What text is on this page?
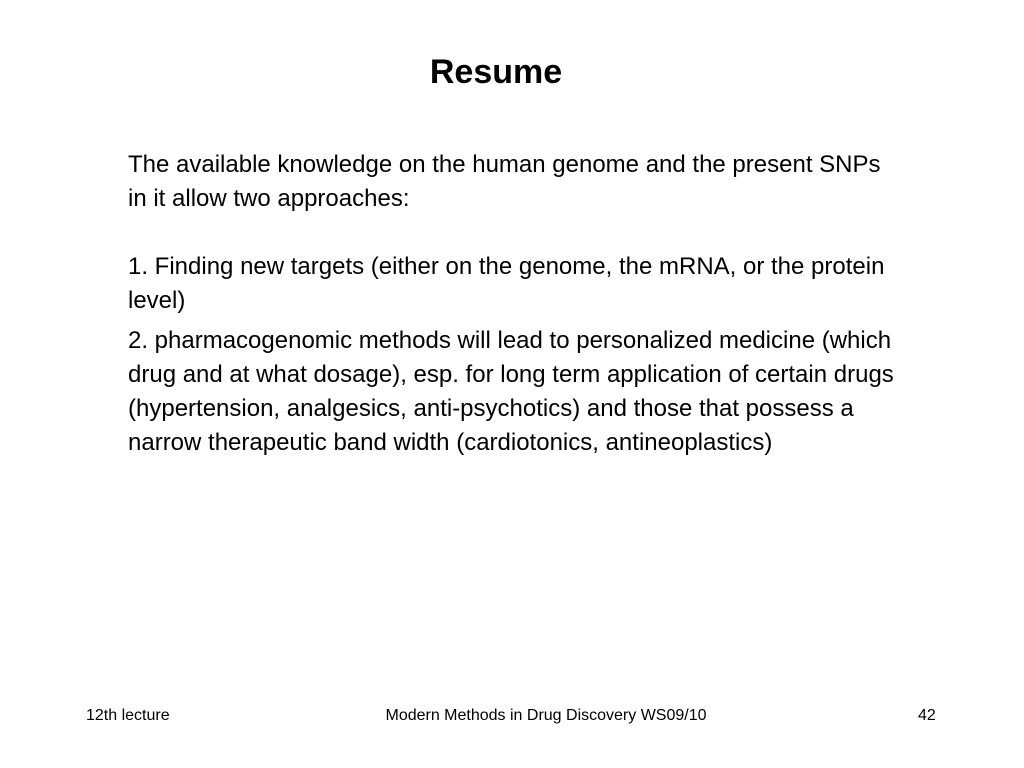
Resume

The available knowledge on the human genome and the present SNPs in it allow two approaches:

1. Finding new targets (either on the genome, the mRNA, or the protein level)

2. pharmacogenomic methods will lead to personalized medicine (which drug and at what dosage), esp. for long term application of certain drugs (hypertension, analgesics, anti-psychotics) and those that possess a narrow therapeutic band width (cardiotonics, antineoplastics)

12th lecture	Modern Methods in Drug Discovery WS09/10	42
